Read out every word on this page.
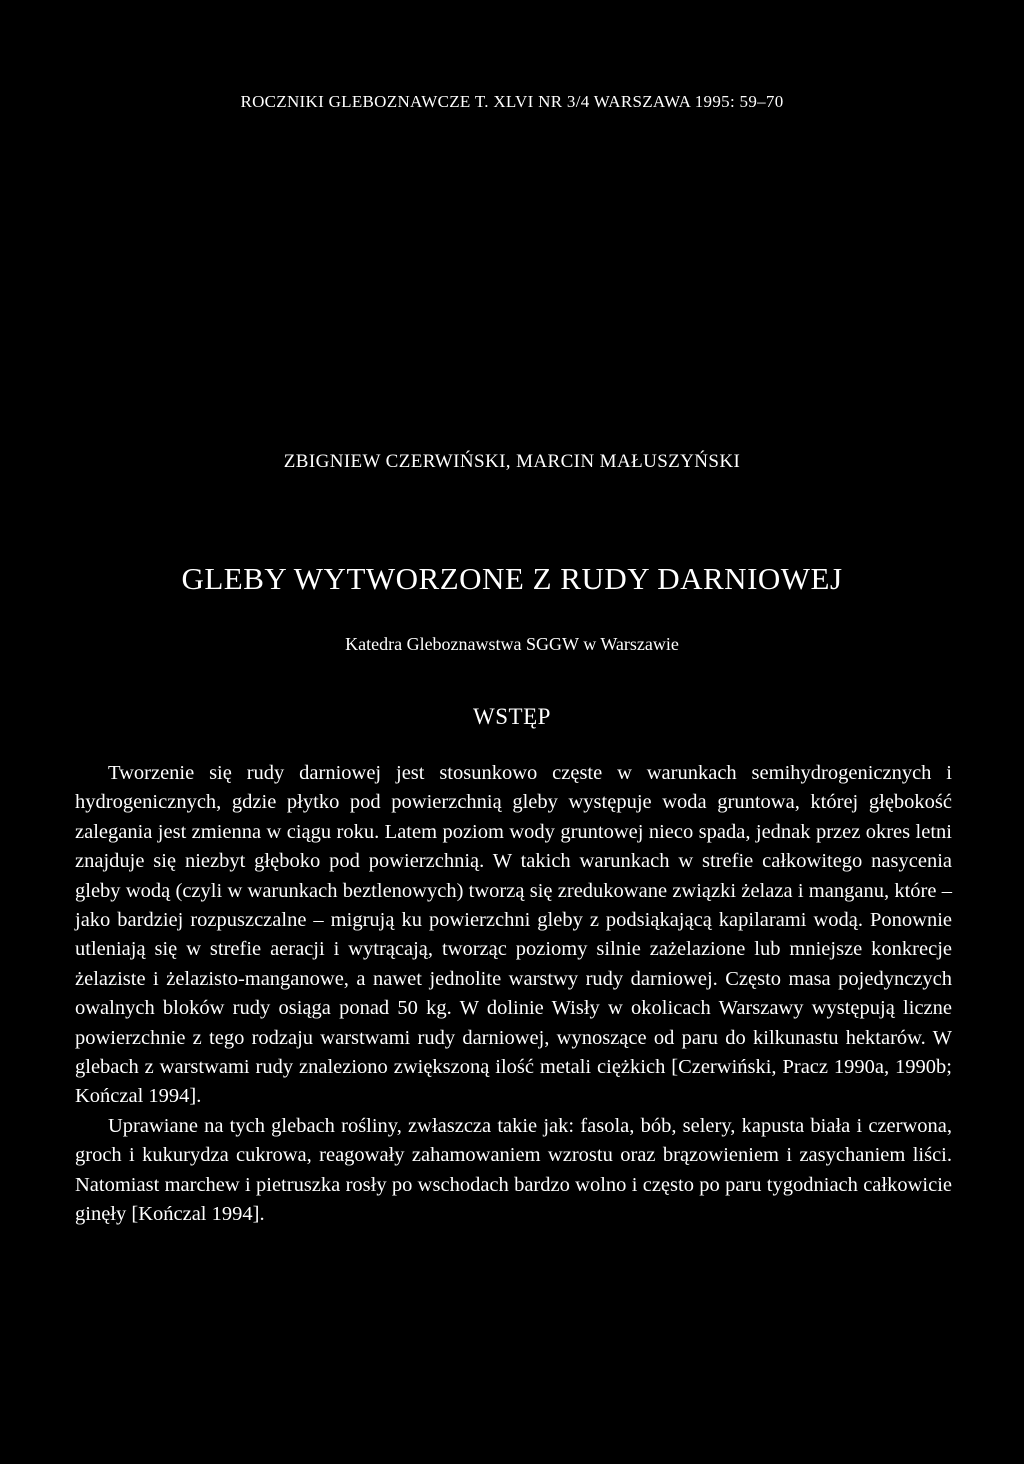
ROCZNIKI GLEBOZNAWCZE T. XLVI NR 3/4 WARSZAWA 1995: 59–70
ZBIGNIEW CZERWIŃSKI, MARCIN MAŁUSZYŃSKI
GLEBY WYTWORZONE Z RUDY DARNIOWEJ
Katedra Gleboznawstwa SGGW w Warszawie
WSTĘP

Tworzenie się rudy darniowej jest stosunkowo częste w warunkach semihydrogenicznych i hydrogenicznych, gdzie płytko pod powierzchnią gleby występuje woda gruntowa, której głębokość zalegania jest zmienna w ciągu roku. Latem poziom wody gruntowej nieco spada, jednak przez okres letni znajduje się niezbyt głęboko pod powierzchnią. W takich warunkach w strefie całkowitego nasycenia gleby wodą (czyli w warunkach beztlenowych) tworzą się zredukowane związki żelaza i manganu, które – jako bardziej rozpuszczalne – migrują ku powierzchni gleby z podsiąkającą kapilarami wodą. Ponownie utleniają się w strefie aeracji i wytrącają, tworząc poziomy silnie zażelazione lub mniejsze konkrecje żelaziste i żelazisto-manganowe, a nawet jednolite warstwy rudy darniowej. Często masa pojedynczych owalnych bloków rudy osiąga ponad 50 kg. W dolinie Wisły w okolicach Warszawy występują liczne powierzchnie z tego rodzaju warstwami rudy darniowej, wynoszące od paru do kilkunastu hektarów. W glebach z warstwami rudy znaleziono zwiększoną ilość metali ciężkich [Czerwiński, Pracz 1990a, 1990b; Kończal 1994].

Uprawiane na tych glebach rośliny, zwłaszcza takie jak: fasola, bób, selery, kapusta biała i czerwona, groch i kukurydza cukrowa, reagowały zahamowaniem wzrostu oraz brązowieniem i zasychaniem liści. Natomiast marchew i pietruszka rosły po wschodach bardzo wolno i często po paru tygodniach całkowicie ginęły [Kończal 1994].
